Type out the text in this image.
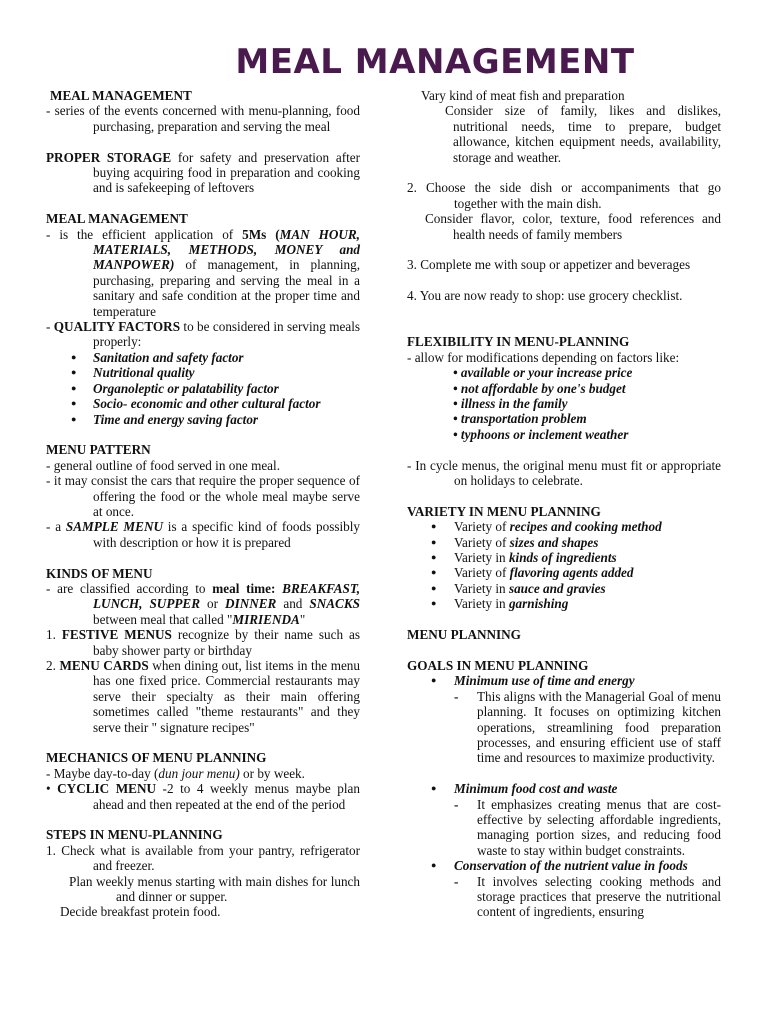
MEAL MANAGEMENT

MEAL MANAGEMENT

- series of the events concerned with menu-planning, food purchasing, preparation and serving the meal

PROPER STORAGE for safety and preservation after buying acquiring food in preparation and cooking and is safekeeping of leftovers

MEAL MANAGEMENT

- is the efficient application of 5Ms (MAN HOUR, MATERIALS, METHODS, MONEY and MANPOWER) of management, in planning, purchasing, preparing and serving the meal in a sanitary and safe condition at the proper time and temperature

- QUALITY FACTORS to be considered in serving meals properly:

● Sanitation and safety factor
● Nutritional quality
● Organoleptic or palatability factor
● Socio- economic and other cultural factor
● Time and energy saving factor

MENU PATTERN

- general outline of food served in one meal.

- it may consist the cars that require the proper sequence of offering the food or the whole meal maybe serve at once.

- a SAMPLE MENU is a specific kind of foods possibly with description or how it is prepared

KINDS OF MENU

- are classified according to meal time: BREAKFAST, LUNCH, SUPPER or DINNER and SNACKS between meal that called "MIRIENDA"

1. FESTIVE MENUS recognize by their name such as baby shower party or birthday

2. MENU CARDS when dining out, list items in the menu has one fixed price. Commercial restaurants may serve their specialty as their main offering sometimes called "theme restaurants" and they serve their " signature recipes"

MECHANICS OF MENU PLANNING

- Maybe day-to-day (dun jour menu) or by week.

• CYCLIC MENU -2 to 4 weekly menus maybe plan ahead and then repeated at the end of the period

STEPS IN MENU-PLANNING

1. Check what is available from your pantry, refrigerator and freezer.

Plan weekly menus starting with main dishes for lunch and dinner or supper.

Decide breakfast protein food.

Vary kind of meat fish and preparation

Consider size of family, likes and dislikes, nutritional needs, time to prepare, budget allowance, kitchen equipment needs, availability, storage and weather.

2. Choose the side dish or accompaniments that go together with the main dish.

Consider flavor, color, texture, food references and health needs of family members

3. Complete me with soup or appetizer and beverages

4. You are now ready to shop: use grocery checklist.

FLEXIBILITY IN MENU-PLANNING

- allow for modifications depending on factors like:

• available or your increase price
• not affordable by one's budget
• illness in the family
• transportation problem
• typhoons or inclement weather

- In cycle menus, the original menu must fit or appropriate on holidays to celebrate.

VARIETY IN MENU PLANNING

● Variety of recipes and cooking method
● Variety of sizes and shapes
● Variety in kinds of ingredients
● Variety of flavoring agents added
● Variety in sauce and gravies
● Variety in garnishing

MENU PLANNING

GOALS IN MENU PLANNING

● Minimum use of time and energy

- This aligns with the Managerial Goal of menu planning. It focuses on optimizing kitchen operations, streamlining food preparation processes, and ensuring efficient use of staff time and resources to maximize productivity.

● Minimum food cost and waste

- It emphasizes creating menus that are cost-effective by selecting affordable ingredients, managing portion sizes, and reducing food waste to stay within budget constraints.

● Conservation of the nutrient value in foods

- It involves selecting cooking methods and storage practices that preserve the nutritional content of ingredients, ensuring
